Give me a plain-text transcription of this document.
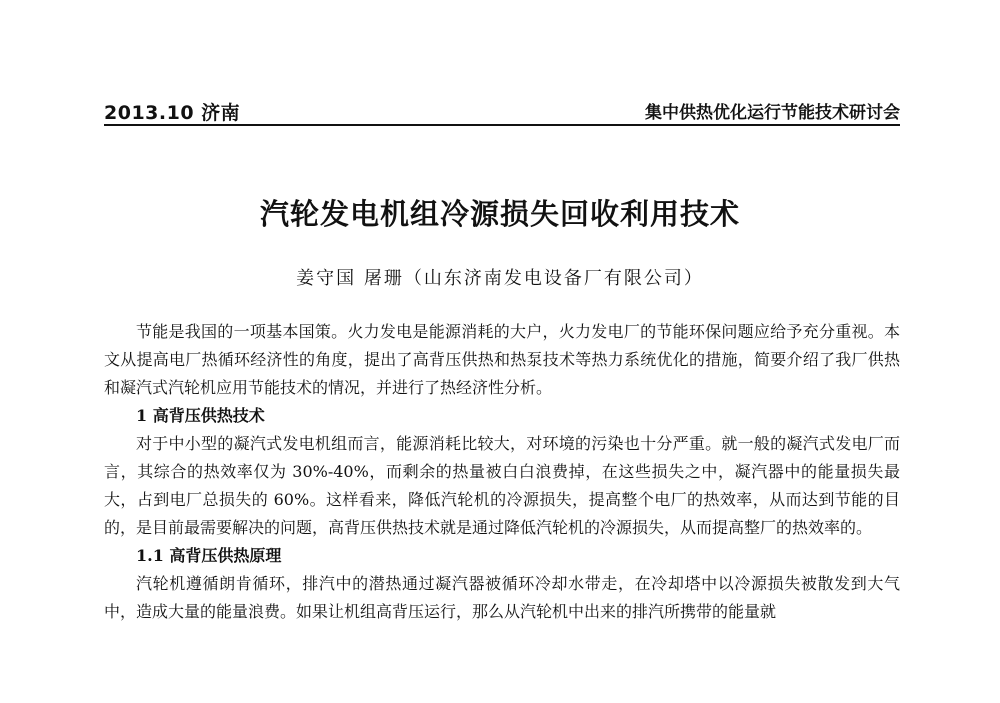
2013.10 济南	集中供热优化运行节能技术研讨会
汽轮发电机组冷源损失回收利用技术
姜守国 屠珊（山东济南发电设备厂有限公司）

节能是我国的一项基本国策。火力发电是能源消耗的大户，火力发电厂的节能环保问题应给予充分重视。本文从提高电厂热循环经济性的角度，提出了高背压供热和热泵技术等热力系统优化的措施，简要介绍了我厂供热和凝汽式汽轮机应用节能技术的情况，并进行了热经济性分析。

1 高背压供热技术

对于中小型的凝汽式发电机组而言，能源消耗比较大，对环境的污染也十分严重。就一般的凝汽式发电厂而言，其综合的热效率仅为 30%-40%，而剩余的热量被白白浪费掉，在这些损失之中，凝汽器中的能量损失最大，占到电厂总损失的 60%。这样看来，降低汽轮机的冷源损失，提高整个电厂的热效率，从而达到节能的目的，是目前最需要解决的问题，高背压供热技术就是通过降低汽轮机的冷源损失，从而提高整厂的热效率的。

1.1 高背压供热原理

汽轮机遵循朗肯循环，排汽中的潜热通过凝汽器被循环冷却水带走，在冷却塔中以冷源损失被散发到大气中，造成大量的能量浪费。如果让机组高背压运行，那么从汽轮机中出来的排汽所携带的能量就
